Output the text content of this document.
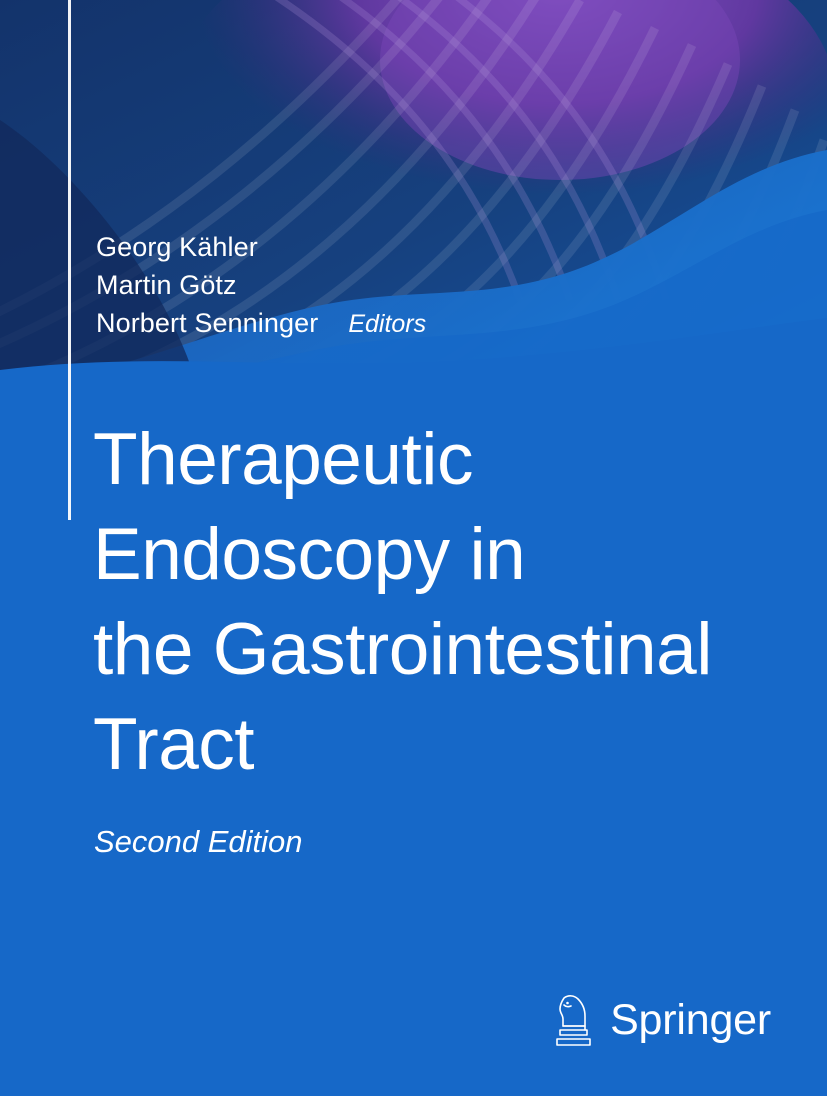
Georg Kähler
Martin Götz
Norbert Senninger Editors
Therapeutic
Endoscopy in
the Gastrointestinal
Tract
Second Edition
Springer
